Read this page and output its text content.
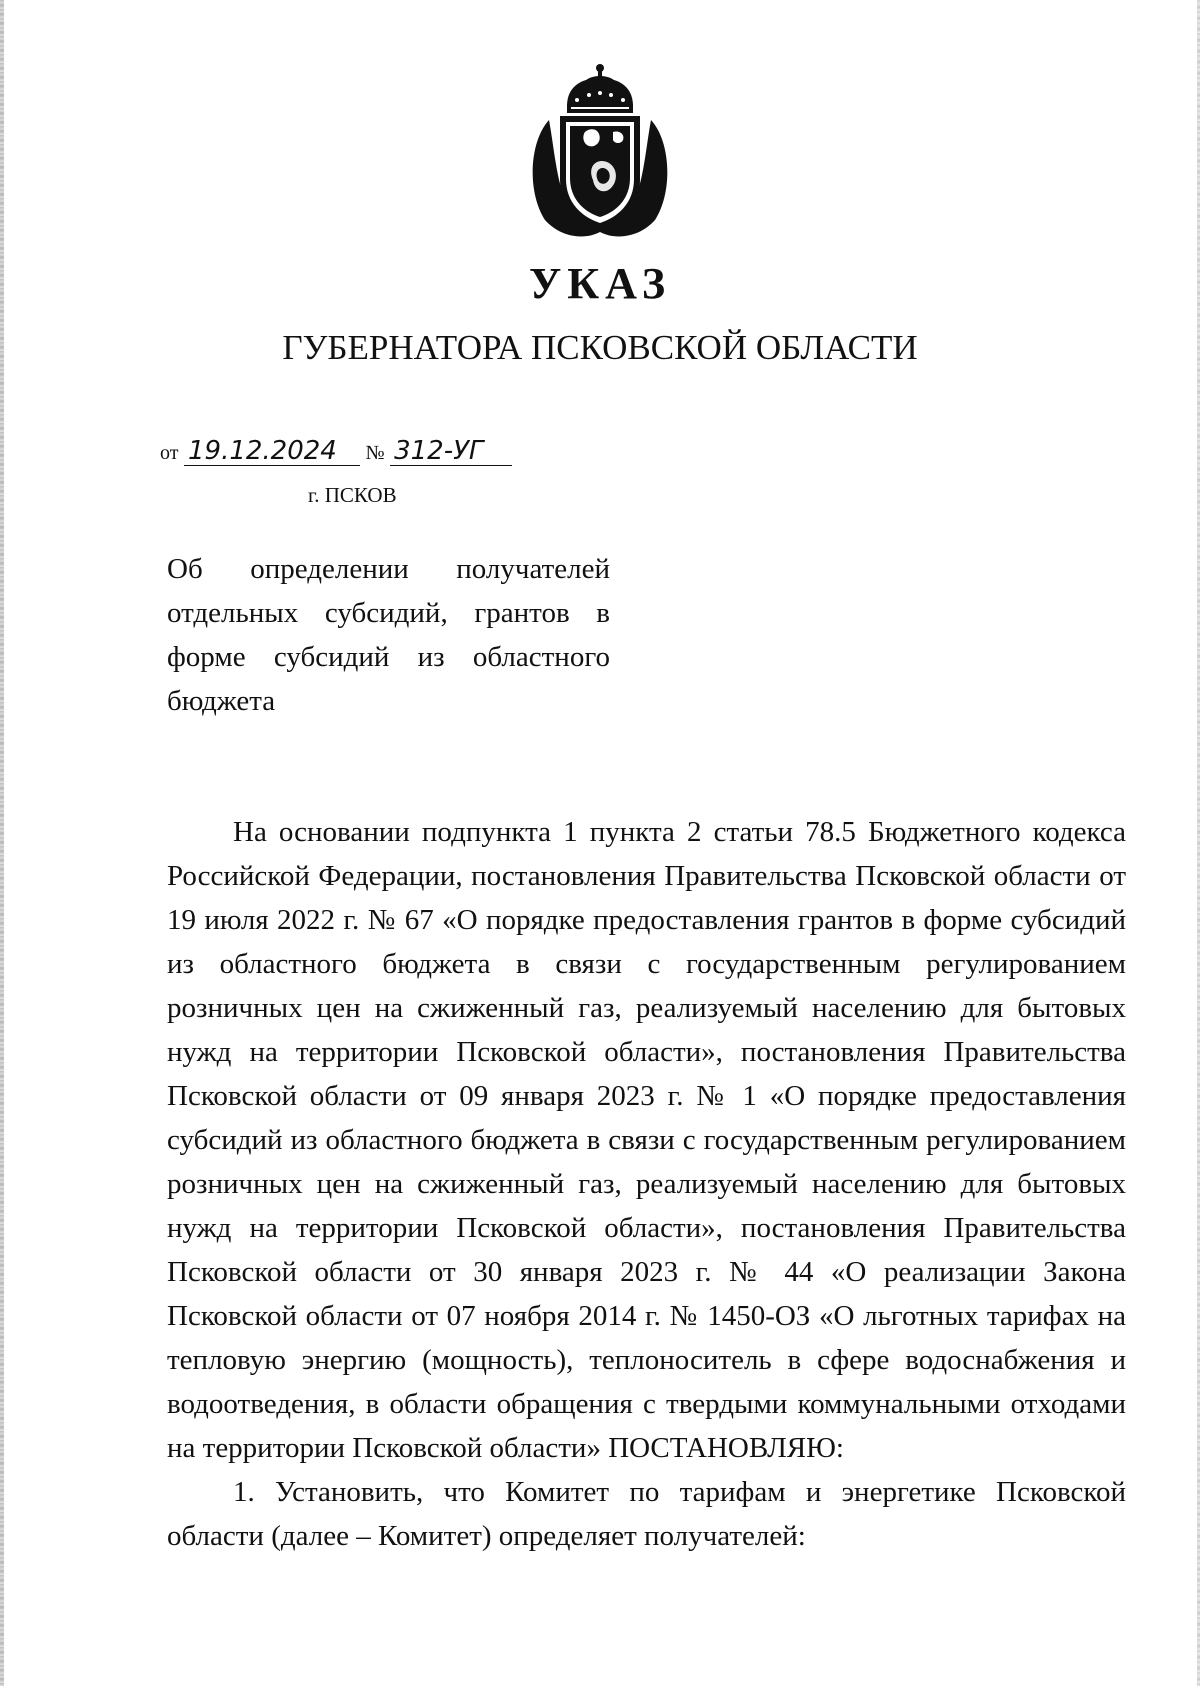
УКАЗ
ГУБЕРНАТОРА ПСКОВСКОЙ ОБЛАСТИ
от 19.12.2024 № 312-УГ
г. ПСКОВ
Об определении получателей отдельных субсидий, грантов в форме субсидий из областного бюджета

На основании подпункта 1 пункта 2 статьи 78.5 Бюджетного кодекса Российской Федерации, постановления Правительства Псковской области от 19 июля 2022 г. № 67 «О порядке предоставления грантов в форме субсидий из областного бюджета в связи с государственным регулированием розничных цен на сжиженный газ, реализуемый населению для бытовых нужд на территории Псковской области», постановления Правительства Псковской области от 09 января 2023 г. № 1 «О порядке предоставления субсидий из областного бюджета в связи с государственным регулированием розничных цен на сжиженный газ, реализуемый населению для бытовых нужд на территории Псковской области», постановления Правительства Псковской области от 30 января 2023 г. № 44 «О реализации Закона Псковской области от 07 ноября 2014 г. № 1450-ОЗ «О льготных тарифах на тепловую энергию (мощность), теплоноситель в сфере водоснабжения и водоотведения, в области обращения с твердыми коммунальными отходами на территории Псковской области» ПОСТАНОВЛЯЮ:

1. Установить, что Комитет по тарифам и энергетике Псковской области (далее – Комитет) определяет получателей:
